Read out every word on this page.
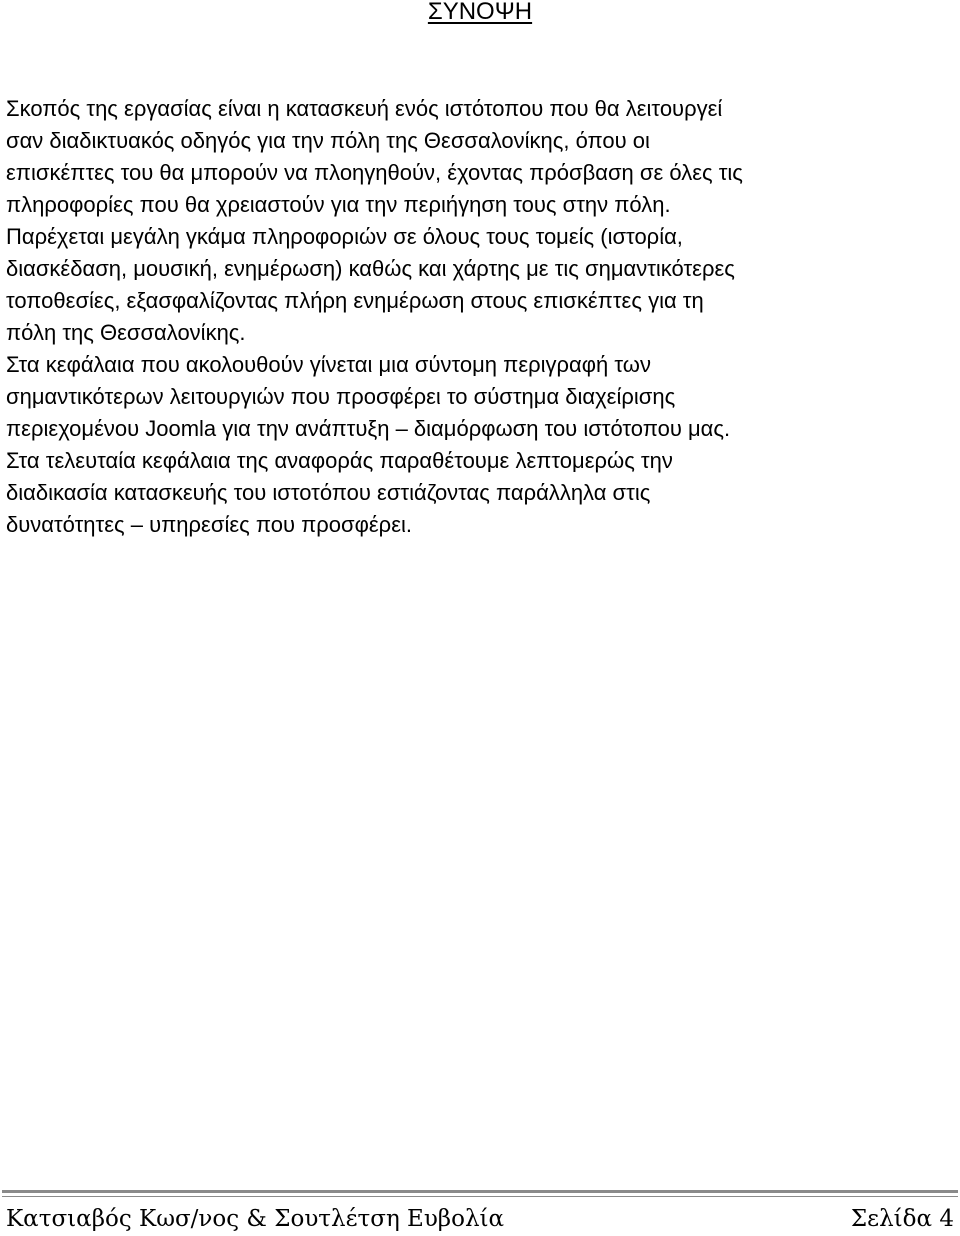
ΣΥΝΟΨΗ
Σκοπός της εργασίας είναι η κατασκευή ενός ιστότοπου που θα λειτουργεί
σαν διαδικτυακός οδηγός για την πόλη της Θεσσαλονίκης, όπου οι
επισκέπτες του θα μπορούν να πλοηγηθούν, έχοντας πρόσβαση σε όλες τις
πληροφορίες που θα χρειαστούν για την περιήγηση τους στην πόλη.
Παρέχεται μεγάλη γκάμα πληροφοριών σε όλους τους τομείς (ιστορία,
διασκέδαση, μουσική, ενημέρωση) καθώς και χάρτης με τις σημαντικότερες
τοποθεσίες, εξασφαλίζοντας πλήρη ενημέρωση στους επισκέπτες για τη
πόλη της Θεσσαλονίκης.
Στα κεφάλαια που ακολουθούν γίνεται μια σύντομη περιγραφή των
σημαντικότερων λειτουργιών που προσφέρει το σύστημα διαχείρισης
περιεχομένου Joomla για την ανάπτυξη – διαμόρφωση του ιστότοπου μας.
Στα τελευταία κεφάλαια της αναφοράς παραθέτουμε λεπτομερώς την
διαδικασία κατασκευής του ιστοτόπου εστιάζοντας παράλληλα στις
δυνατότητες – υπηρεσίες που προσφέρει.
Κατσιαβός Κωσ/νος & Σουτλέτση Ευβολία	Σελίδα 4
